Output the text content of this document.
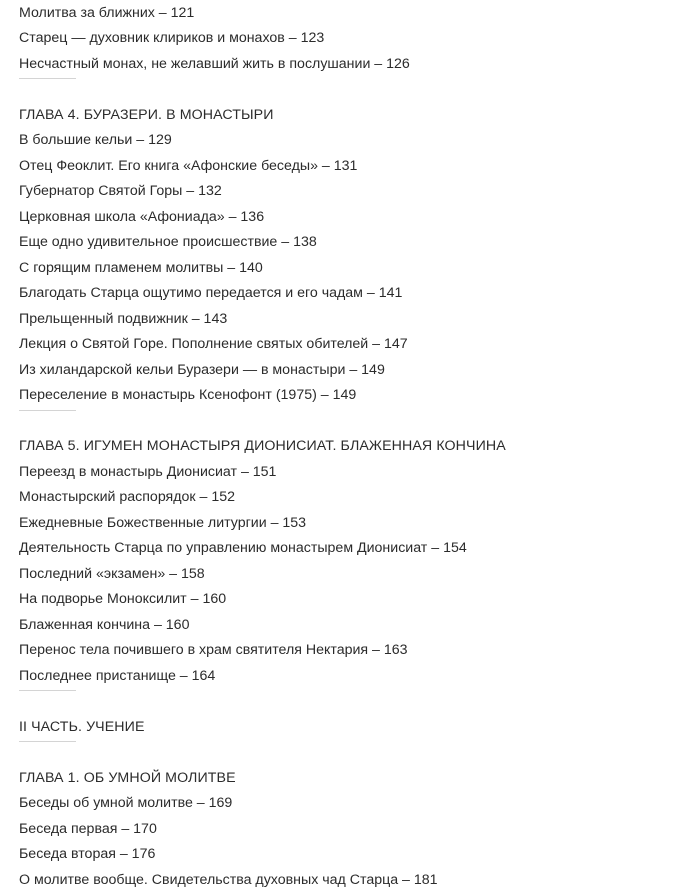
Молитва за ближних – 121
Старец — духовник клириков и монахов – 123
Несчастный монах, не желавший жить в послушании – 126
ГЛАВА 4. БУРАЗЕРИ. В МОНАСТЫРИ
В большие кельи – 129
Отец Феоклит. Его книга «Афонские беседы» – 131
Губернатор Святой Горы – 132
Церковная школа «Афониада» – 136
Еще одно удивительное происшествие – 138
С горящим пламенем молитвы – 140
Благодать Старца ощутимо передается и его чадам – 141
Прельщенный подвижник – 143
Лекция о Святой Горе. Пополнение святых обителей – 147
Из хиландарской кельи Буразери — в монастыри – 149
Переселение в монастырь Ксенофонт (1975) – 149
ГЛАВА 5. ИГУМЕН МОНАСТЫРЯ ДИОНИСИАТ. БЛАЖЕННАЯ КОНЧИНА
Переезд в монастырь Дионисиат – 151
Монастырский распорядок – 152
Ежедневные Божественные литургии – 153
Деятельность Старца по управлению монастырем Дионисиат – 154
Последний «экзамен» – 158
На подворье Моноксилит – 160
Блаженная кончина – 160
Перенос тела почившего в храм святителя Нектария – 163
Последнее пристанище – 164
II ЧАСТЬ. УЧЕНИЕ
ГЛАВА 1. ОБ УМНОЙ МОЛИТВЕ
Беседы об умной молитве – 169
Беседа первая – 170
Беседа вторая – 176
О молитве вообще. Свидетельства духовных чад Старца – 181
